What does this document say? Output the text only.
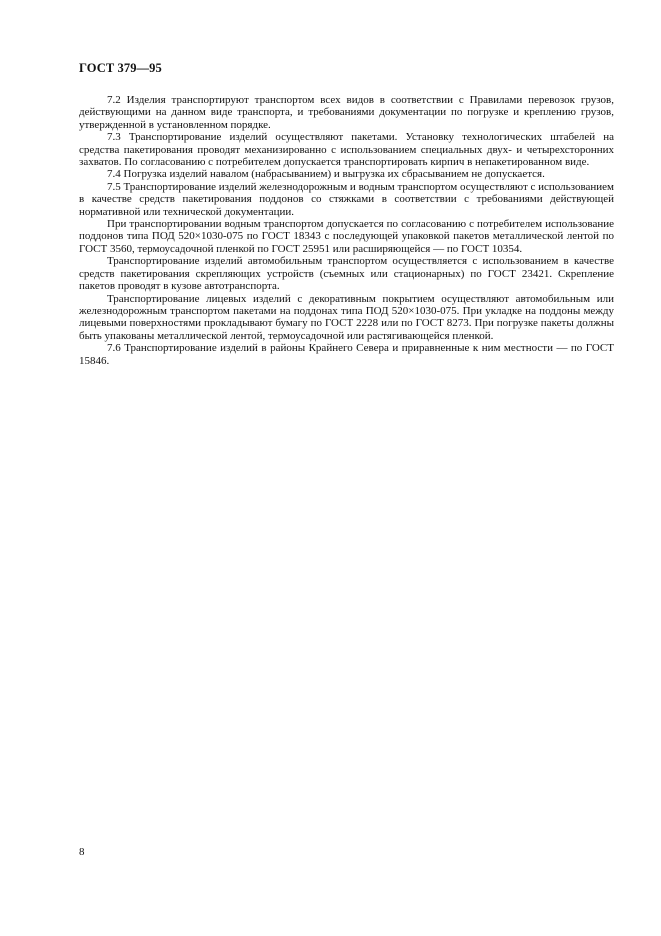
ГОСТ 379—95

7.2 Изделия транспортируют транспортом всех видов в соответствии с Правилами перевозок грузов, действующими на данном виде транспорта, и требованиями документации по погрузке и креплению грузов, утвержденной в установленном порядке.

7.3 Транспортирование изделий осуществляют пакетами. Установку технологических штабелей на средства пакетирования проводят механизированно с использованием специальных двух- и четырехсторонних захватов. По согласованию с потребителем допускается транспортировать кирпич в непакетированном виде.

7.4 Погрузка изделий навалом (набрасыванием) и выгрузка их сбрасыванием не допускается.

7.5 Транспортирование изделий железнодорожным и водным транспортом осуществляют с использованием в качестве средств пакетирования поддонов со стяжками в соответствии с требованиями действующей нормативной или технической документации.

При транспортировании водным транспортом допускается по согласованию с потребителем использование поддонов типа ПОД 520×1030-075 по ГОСТ 18343 с последующей упаковкой пакетов металлической лентой по ГОСТ 3560, термоусадочной пленкой по ГОСТ 25951 или расширяющейся — по ГОСТ 10354.

Транспортирование изделий автомобильным транспортом осуществляется с использованием в качестве средств пакетирования скрепляющих устройств (съемных или стационарных) по ГОСТ 23421. Скрепление пакетов проводят в кузове автотранспорта.

Транспортирование лицевых изделий с декоративным покрытием осуществляют автомобильным или железнодорожным транспортом пакетами на поддонах типа ПОД 520×1030-075. При укладке на поддоны между лицевыми поверхностями прокладывают бумагу по ГОСТ 2228 или по ГОСТ 8273. При погрузке пакеты должны быть упакованы металлической лентой, термоусадочной или растягивающейся пленкой.

7.6 Транспортирование изделий в районы Крайнего Севера и приравненные к ним местности — по ГОСТ 15846.

8
